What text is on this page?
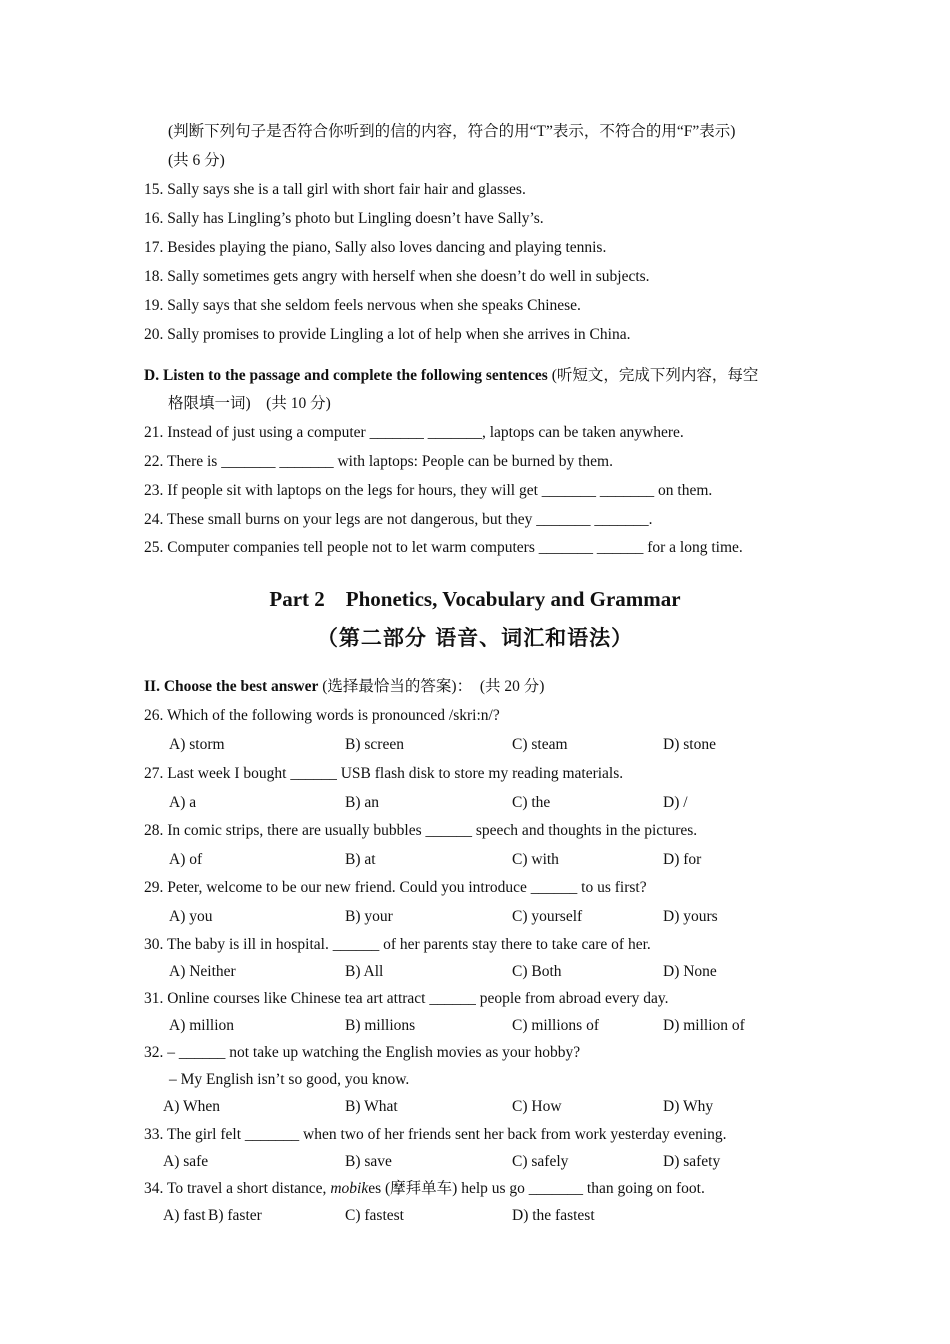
(判断下列句子是否符合你听到的信的内容，符合的用“T”表示，不符合的用“F”表示)
(共 6 分)
15. Sally says she is a tall girl with short fair hair and glasses.
16. Sally has Lingling’s photo but Lingling doesn’t have Sally’s.
17. Besides playing the piano, Sally also loves dancing and playing tennis.
18. Sally sometimes gets angry with herself when she doesn’t do well in subjects.
19. Sally says that she seldom feels nervous when she speaks Chinese.
20. Sally promises to provide Lingling a lot of help when she arrives in China.
D. Listen to the passage and complete the following sentences (听短文，完成下列内容，每空
格限填一词)　(共 10 分)
21. Instead of just using a computer _______ _______, laptops can be taken anywhere.
22. There is _______ _______ with laptops: People can be burned by them.
23. If people sit with laptops on the legs for hours, they will get _______ _______ on them.
24. These small burns on your legs are not dangerous, but they _______ _______.
25. Computer companies tell people not to let warm computers _______ ______ for a long time.
Part 2　Phonetics, Vocabulary and Grammar
（第二部分 语音、词汇和语法）
II. Choose the best answer (选择最恰当的答案)：　(共 20 分)
26. Which of the following words is pronounced /skri:n/?
A) storm	B) screen	C) steam	D) stone
27. Last week I bought ______ USB flash disk to store my reading materials.
A) a	B) an	C) the	D) /
28. In comic strips, there are usually bubbles ______ speech and thoughts in the pictures.
A) of	B) at	C) with	D) for
29. Peter, welcome to be our new friend. Could you introduce ______ to us first?
A) you	B) your	C) yourself	D) yours
30. The baby is ill in hospital. ______ of her parents stay there to take care of her.
A) Neither	B) All	C) Both	D) None
31. Online courses like Chinese tea art attract ______ people from abroad every day.
A) million	B) millions	C) millions of	D) million of
32. – ______ not take up watching the English movies as your hobby?
– My English isn’t so good, you know.
A) When	B) What	C) How	D) Why
33. The girl felt _______ when two of her friends sent her back from work yesterday evening.
A) safe	B) save	C) safely	D) safety
34. To travel a short distance, mobikes (摩拜单车) help us go _______ than going on foot.
A) fast B) faster	C) fastest	D) the fastest
